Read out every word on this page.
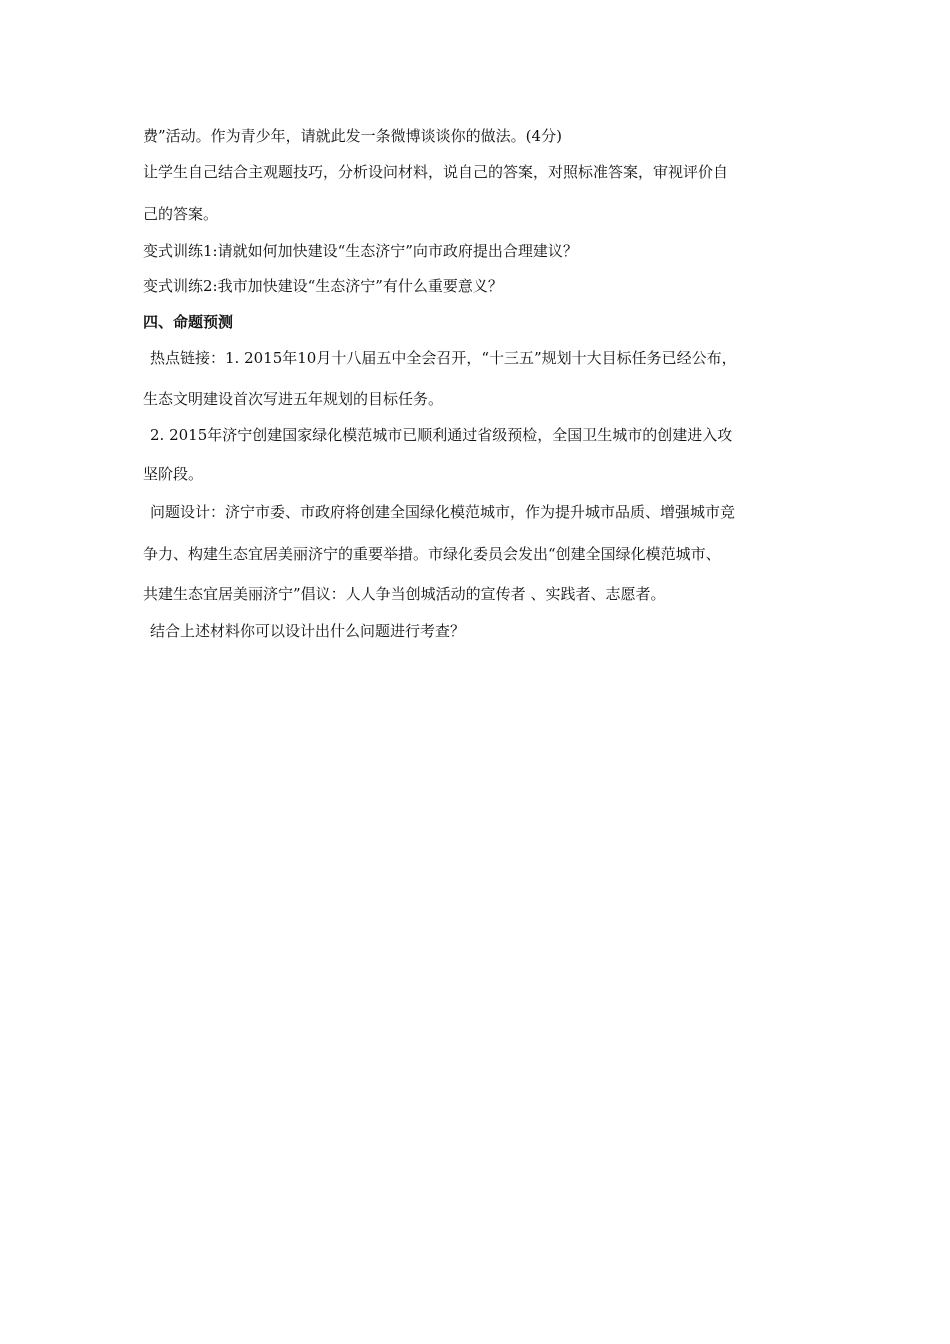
费”活动。作为青少年，请就此发一条微博谈谈你的做法。(4分)
让学生自己结合主观题技巧，分析设问材料，说自己的答案，对照标准答案，审视评价自
己的答案。
变式训练1:请就如何加快建设“生态济宁”向市政府提出合理建议？
变式训练2:我市加快建设“生态济宁”有什么重要意义？
四、命题预测
热点链接：1. 2015年10月十八届五中全会召开，“十三五”规划十大目标任务已经公布，
生态文明建设首次写进五年规划的目标任务。
2. 2015年济宁创建国家绿化模范城市已顺利通过省级预检，全国卫生城市的创建进入攻
坚阶段。
问题设计：济宁市委、市政府将创建全国绿化模范城市，作为提升城市品质、增强城市竞
争力、构建生态宜居美丽济宁的重要举措。市绿化委员会发出“创建全国绿化模范城市、
共建生态宜居美丽济宁”倡议：人人争当创城活动的宣传者 、实践者、志愿者。
结合上述材料你可以设计出什么问题进行考查？
